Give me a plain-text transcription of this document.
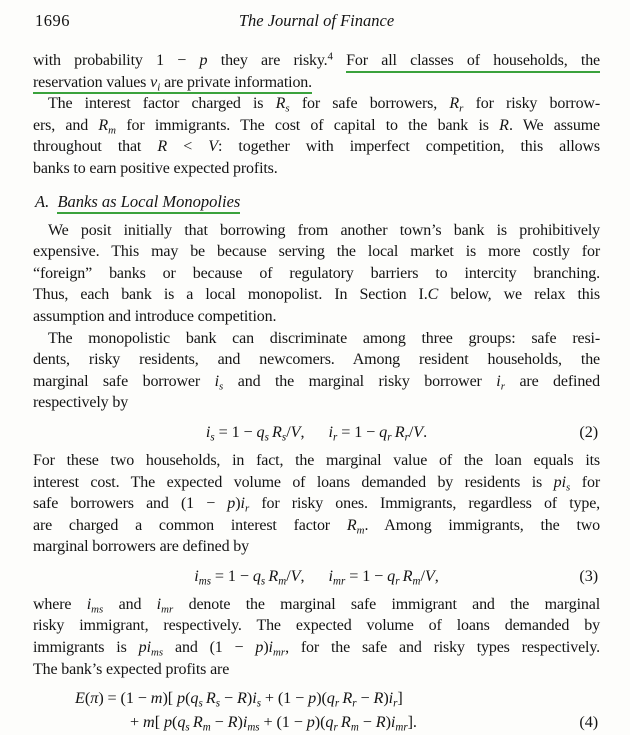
1696	The Journal of Finance
with probability 1 − p they are risky.$^4$ For all classes of households, the
reservation values $v_i$ are private information.
The interest factor charged is $R_s$ for safe borrowers, $R_r$ for risky borrow-
ers, and $R_m$ for immigrants. The cost of capital to the bank is R. We assume
throughout that R < V: together with imperfect competition, this allows
banks to earn positive expected profits.
A. Banks as Local Monopolies
We posit initially that borrowing from another town’s bank is prohibitively
expensive. This may be because serving the local market is more costly for
“foreign” banks or because of regulatory barriers to intercity branching.
Thus, each bank is a local monopolist. In Section I.C below, we relax this
assumption and introduce competition.
The monopolistic bank can discriminate among three groups: safe resi-
dents, risky residents, and newcomers. Among resident households, the
marginal safe borrower $i_s$ and the marginal risky borrower $i_r$ are defined
respectively by
$i_s = 1 - q_s$  $R_s/V$,  $i_r = 1 - q_r$  $R_r/V$.	(2)
For these two households, in fact, the marginal value of the loan equals its
interest cost. The expected volume of loans demanded by residents is $pi_s$ for
safe borrowers and $(1 - p)i_r$ for risky ones. Immigrants, regardless of type,
are charged a common interest factor $R_m$. Among immigrants, the two
marginal borrowers are defined by
$i_{ms} = 1 - q_s$  $R_m/V$,  $i_{mr} = 1 - q_r$  $R_m/V$,	(3)
where $i_{ms}$ and $i_{mr}$ denote the marginal safe immigrant and the marginal
risky immigrant, respectively. The expected volume of loans demanded by
immigrants is $pi_{ms}$ and $(1 - p)i_{mr}$, for the safe and risky types respectively.
The bank’s expected profits are
E(π) = (1 − m)[ $p(q_s$  $R_s - R)i_s + (1 - p)(q_r$  $R_r - R)i_r$]
+ m[ $p(q_s$  $R_m - R)i_{ms} + (1 - p)(q_r$  $R_m - R)i_{mr}$].	(4)
